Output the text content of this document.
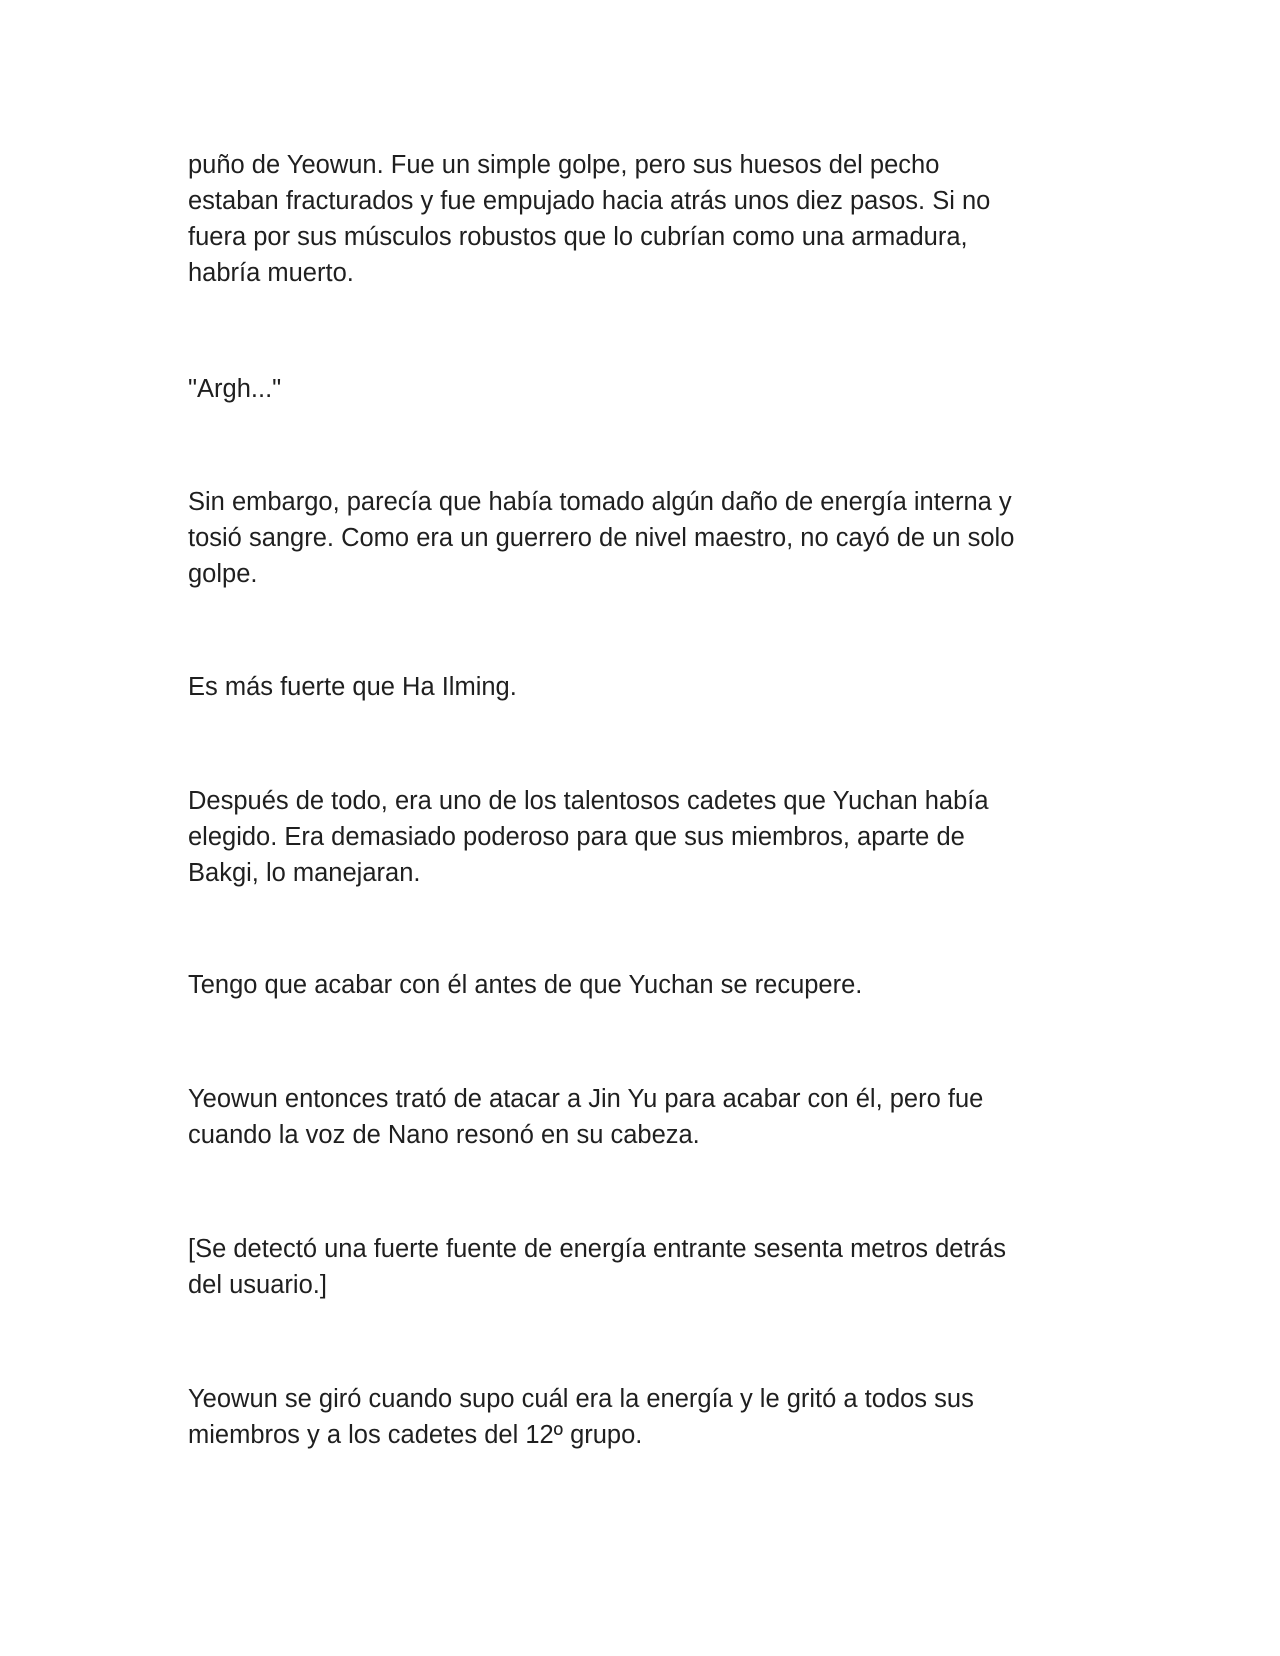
puño de Yeowun. Fue un simple golpe, pero sus huesos del pecho
estaban fracturados y fue empujado hacia atrás unos diez pasos. Si no
fuera por sus músculos robustos que lo cubrían como una armadura,
habría muerto.

"Argh..."

Sin embargo, parecía que había tomado algún daño de energía interna y
tosió sangre. Como era un guerrero de nivel maestro, no cayó de un solo
golpe.

Es más fuerte que Ha Ilming.

Después de todo, era uno de los talentosos cadetes que Yuchan había
elegido. Era demasiado poderoso para que sus miembros, aparte de
Bakgi, lo manejaran.

Tengo que acabar con él antes de que Yuchan se recupere.

Yeowun entonces trató de atacar a Jin Yu para acabar con él, pero fue
cuando la voz de Nano resonó en su cabeza.

[Se detectó una fuerte fuente de energía entrante sesenta metros detrás
del usuario.]

Yeowun se giró cuando supo cuál era la energía y le gritó a todos sus
miembros y a los cadetes del 12º grupo.
